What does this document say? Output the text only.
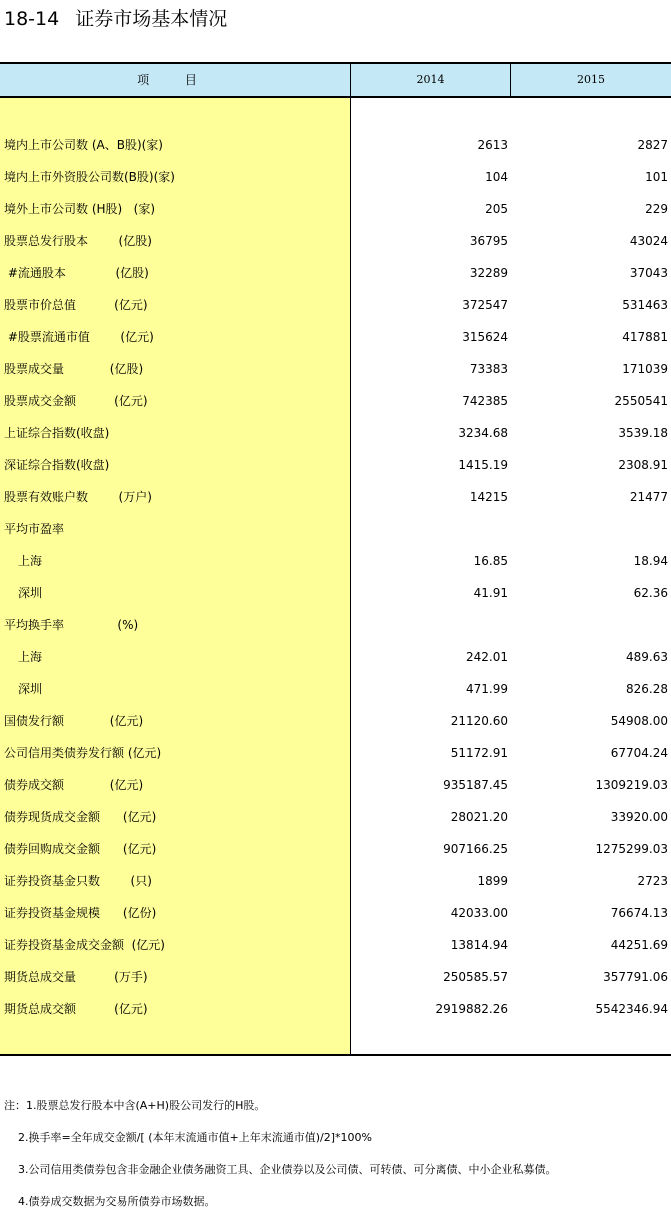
18-14 证券市场基本情况
项 目	2014	2015
境内上市公司数 (A、B股)(家)	2613	2827
境内上市外资股公司数(B股)(家)	104	101
境外上市公司数 (H股)   (家)	205	229
股票总发行股本        (亿股)	36795	43024
#流通股本             (亿股)	32289	37043
股票市价总值          (亿元)	372547	531463
#股票流通市值        (亿元)	315624	417881
股票成交量            (亿股)	73383	171039
股票成交金额          (亿元)	742385	2550541
上证综合指数(收盘)	3234.68	3539.18
深证综合指数(收盘)	1415.19	2308.91
股票有效账户数        (万户)	14215	21477
平均市盈率
上海	16.85	18.94
深圳	41.91	62.36
平均换手率              (%)
上海	242.01	489.63
深圳	471.99	826.28
国债发行额            (亿元)	21120.60	54908.00
公司信用类债券发行额 (亿元)	51172.91	67704.24
债券成交额            (亿元)	935187.45	1309219.03
债券现货成交金额      (亿元)	28021.20	33920.00
债券回购成交金额      (亿元)	907166.25	1275299.03
证券投资基金只数        (只)	1899	2723
证券投资基金规模      (亿份)	42033.00	76674.13
证券投资基金成交金额  (亿元)	13814.94	44251.69
期货总成交量          (万手)	250585.57	357791.06
期货总成交额          (亿元)	2919882.26	5542346.94
注：1.股票总发行股本中含(A+H)股公司发行的H股。
2.换手率=全年成交金额/[ (本年末流通市值+上年末流通市值)/2]*100%
3.公司信用类债券包含非金融企业债务融资工具、企业债券以及公司债、可转债、可分离债、中小企业私募债。
4.债券成交数据为交易所债券市场数据。
